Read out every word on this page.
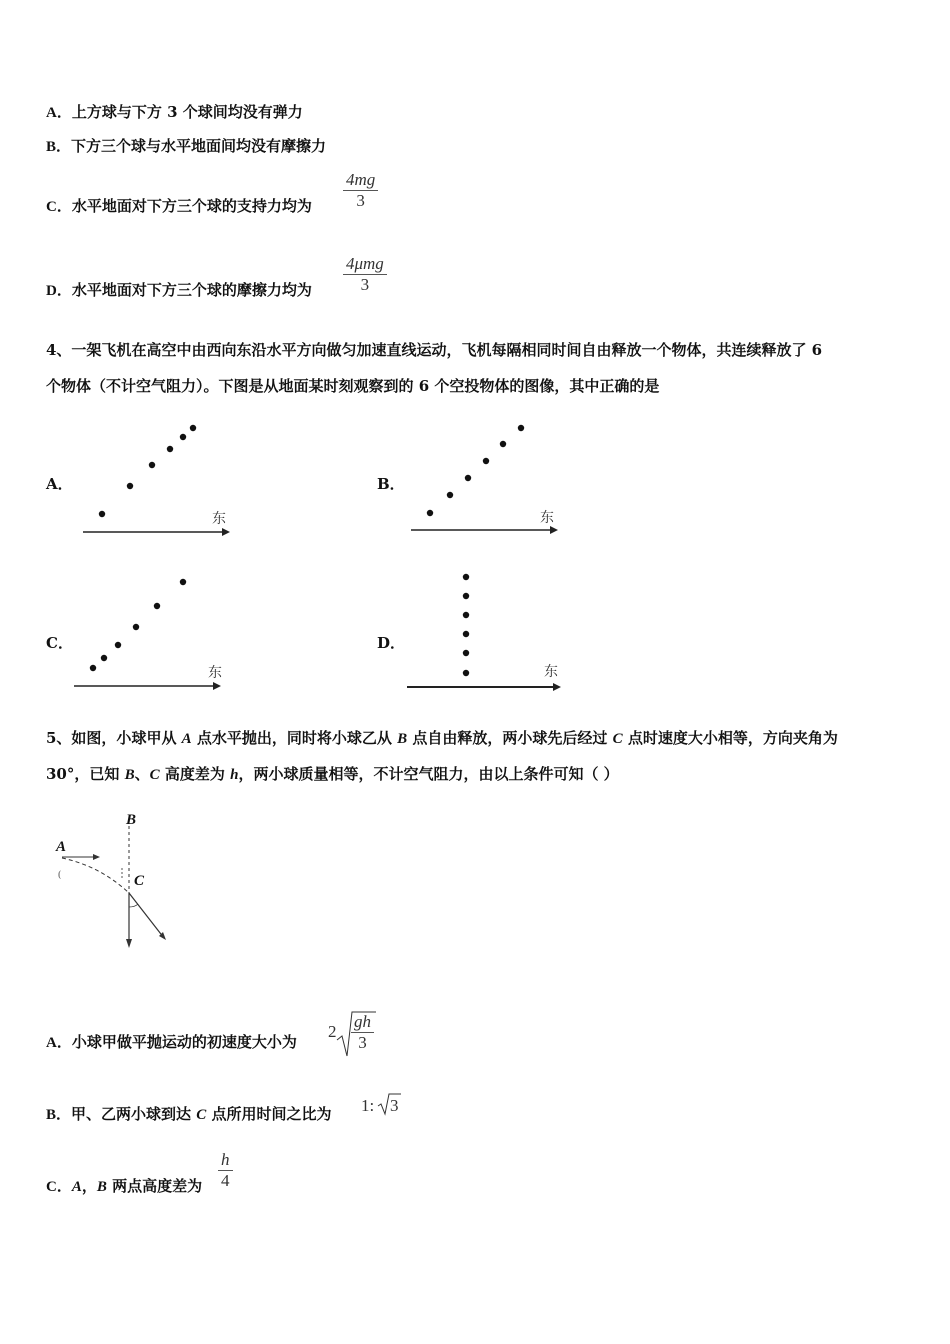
A．上方球与下方 3 个球间均没有弹力
B．下方三个球与水平地面间均没有摩擦力
C．水平地面对下方三个球的支持力均为
4mg
3
D．水平地面对下方三个球的摩擦力均为
4μmg
3
4、一架飞机在高空中由西向东沿水平方向做匀加速直线运动，飞机每隔相同时间自由释放一个物体，共连续释放了 6
个物体（不计空气阻力）。下图是从地面某时刻观察到的 6 个空投物体的图像，其中正确的是
A．
东
B．
东
C．
东
D．
东
5、如图，小球甲从 A 点水平抛出，同时将小球乙从 B 点自由释放，两小球先后经过 C 点时速度大小相等，方向夹角为
30°，已知 B、C 高度差为 h，两小球质量相等，不计空气阻力，由以上条件可知（ ）
B
A
C
(
A．小球甲做平抛运动的初速度大小为
2
gh
3
B．甲、乙两小球到达 C 点所用时间之比为 1: 3
C．A，B 两点高度差为
h
4
